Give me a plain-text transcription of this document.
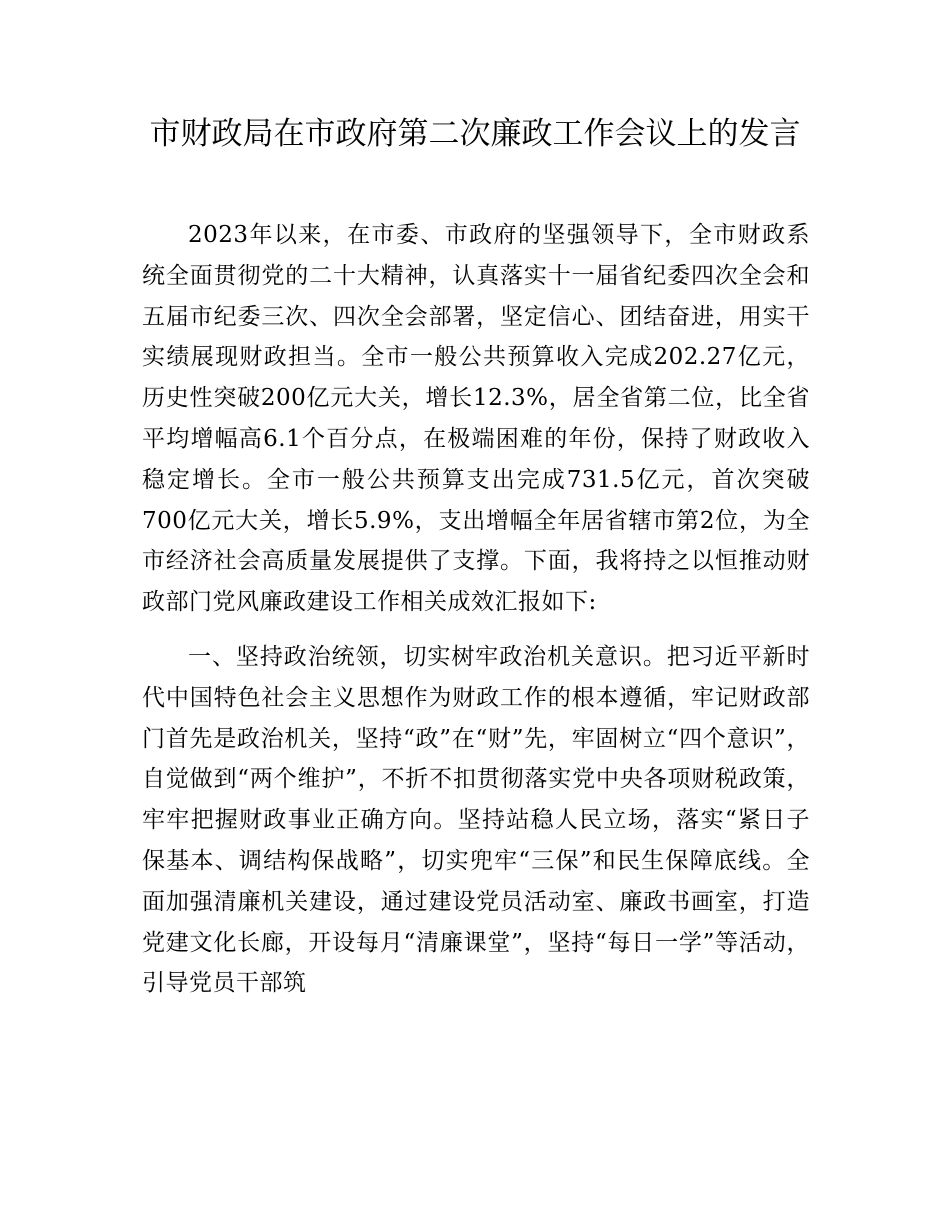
市财政局在市政府第二次廉政工作会议上的发言

2023年以来，在市委、市政府的坚强领导下，全市财政系统全面贯彻党的二十大精神，认真落实十一届省纪委四次全会和五届市纪委三次、四次全会部署，坚定信心、团结奋进，用实干实绩展现财政担当。全市一般公共预算收入完成202.27亿元，历史性突破200亿元大关，增长12.3%，居全省第二位，比全省平均增幅高6.1个百分点，在极端困难的年份，保持了财政收入稳定增长。全市一般公共预算支出完成731.5亿元，首次突破700亿元大关，增长5.9%，支出增幅全年居省辖市第2位，为全市经济社会高质量发展提供了支撑。下面，我将持之以恒推动财政部门党风廉政建设工作相关成效汇报如下:

一、坚持政治统领，切实树牢政治机关意识。把习近平新时代中国特色社会主义思想作为财政工作的根本遵循，牢记财政部门首先是政治机关，坚持“政”在“财”先，牢固树立“四个意识”，自觉做到“两个维护”，不折不扣贯彻落实党中央各项财税政策，牢牢把握财政事业正确方向。坚持站稳人民立场，落实“紧日子保基本、调结构保战略”，切实兜牢“三保”和民生保障底线。全面加强清廉机关建设，通过建设党员活动室、廉政书画室，打造党建文化长廊，开设每月“清廉课堂”，坚持“每日一学”等活动，引导党员干部筑
